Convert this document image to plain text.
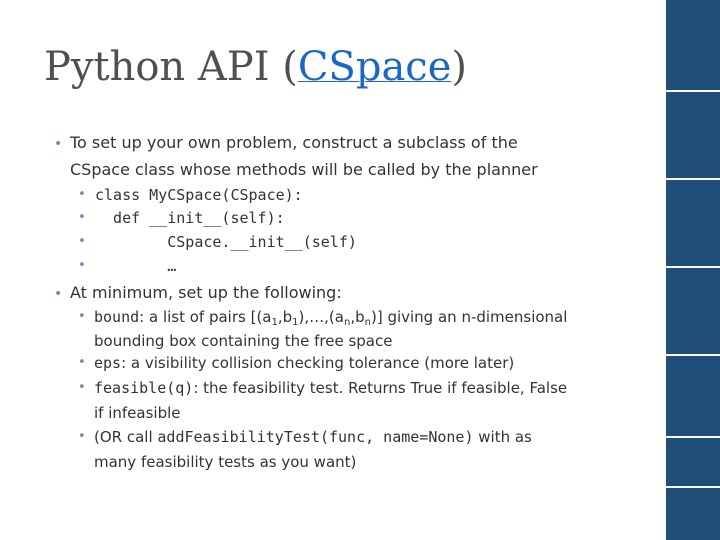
Python API (CSpace)
• To set up your own problem, construct a subclass of the
CSpace class whose methods will be called by the planner
• class MyCSpace(CSpace):
• def __init__(self):
• CSpace.__init__(self)
• …
• At minimum, set up the following:
• bound: a list of pairs $[(a_1,b_1),\dots,(a_n,b_n)]$ giving an n-dimensional
bounding box containing the free space
• eps: a visibility collision checking tolerance (more later)
• feasible(q): the feasibility test. Returns True if feasible, False
if infeasible
• (OR call addFeasibilityTest(func, name=None) with as
many feasibility tests as you want)
